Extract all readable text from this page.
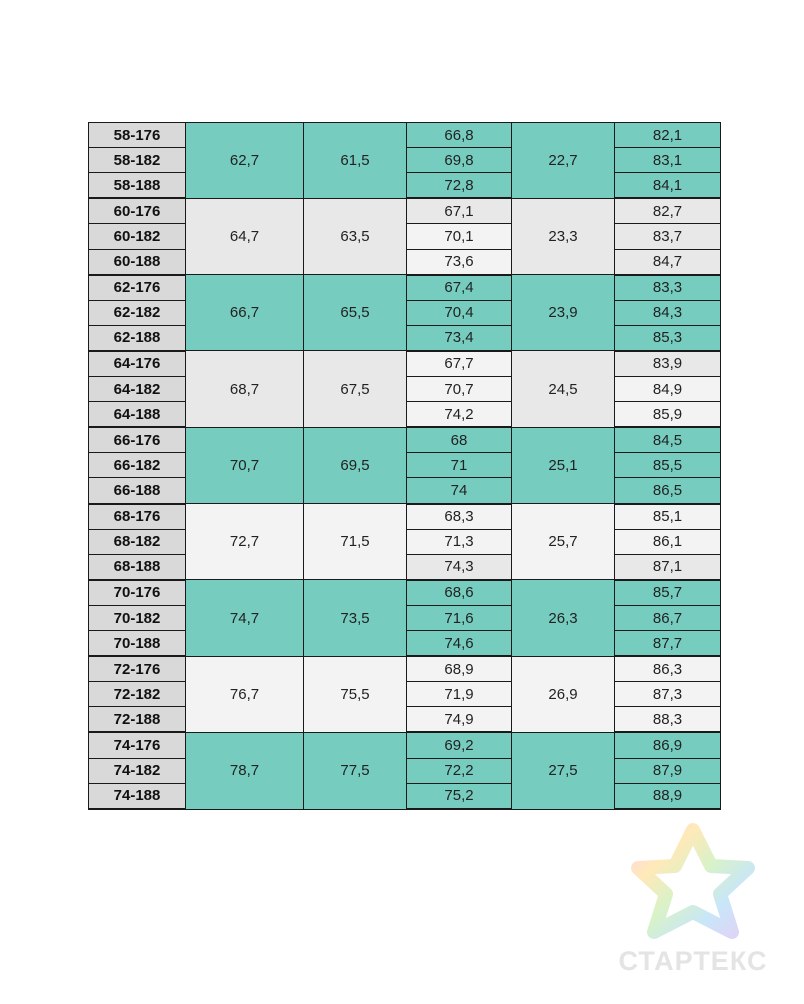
58-176	62,7	61,5	66,8	22,7	82,1
58-182			69,8		83,1
58-188			72,8		84,1
60-176	64,7	63,5	67,1	23,3	82,7
60-182			70,1		83,7
60-188			73,6		84,7
62-176	66,7	65,5	67,4	23,9	83,3
62-182			70,4		84,3
62-188			73,4		85,3
64-176	68,7	67,5	67,7	24,5	83,9
64-182			70,7		84,9
64-188			74,2		85,9
66-176	70,7	69,5	68	25,1	84,5
66-182			71		85,5
66-188			74		86,5
68-176	72,7	71,5	68,3	25,7	85,1
68-182			71,3		86,1
68-188			74,3		87,1
70-176	74,7	73,5	68,6	26,3	85,7
70-182			71,6		86,7
70-188			74,6		87,7
72-176	76,7	75,5	68,9	26,9	86,3
72-182			71,9		87,3
72-188			74,9		88,3
74-176	78,7	77,5	69,2	27,5	86,9
74-182			72,2		87,9
74-188			75,2		88,9
СТАРТЕКС
